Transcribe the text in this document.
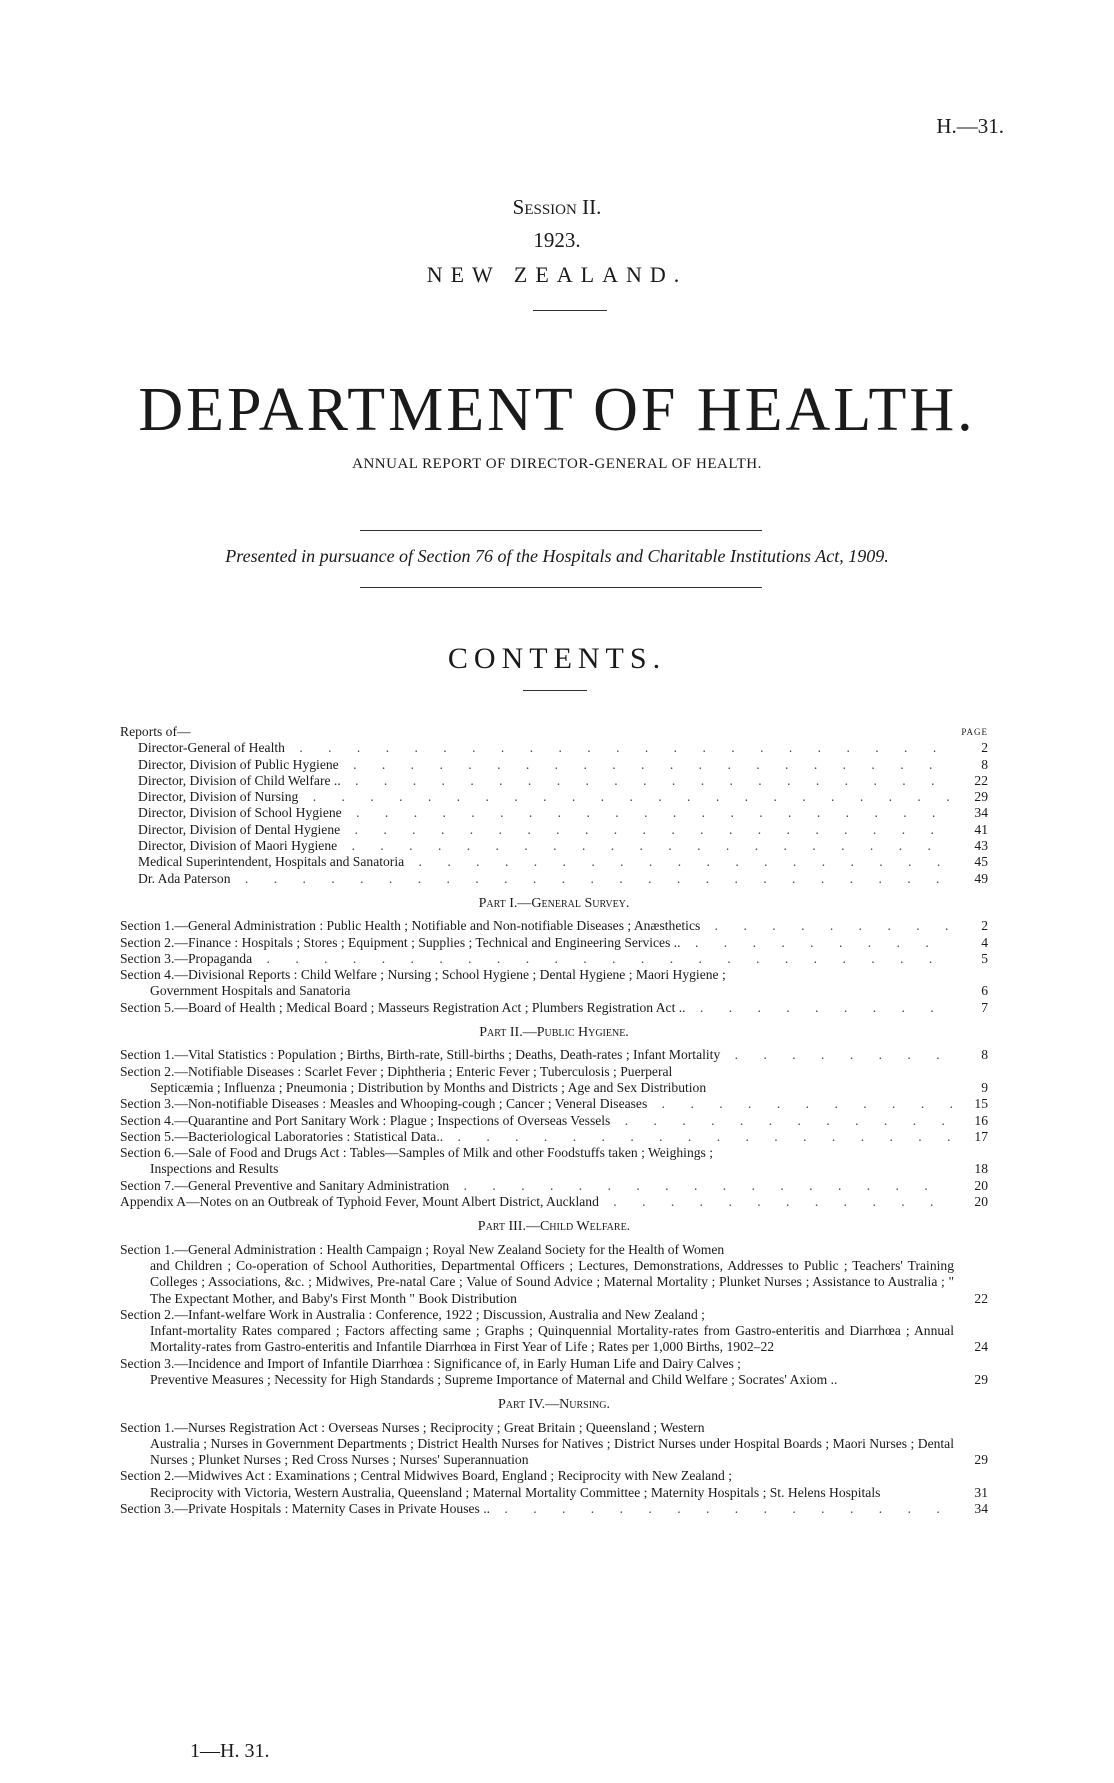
H.—31.
Session II.
1923.
NEW ZEALAND.
DEPARTMENT OF HEALTH.
ANNUAL REPORT OF DIRECTOR-GENERAL OF HEALTH.
Presented in pursuance of Section 76 of the Hospitals and Charitable Institutions Act, 1909.
CONTENTS.
Reports of—	PAGE
Director-General of Health . . .	2
Director, Division of Public Hygiene . . .	8
Director, Division of Child Welfare .. . . .	22
Director, Division of Nursing . . .	29
Director, Division of School Hygiene . . .	34
Director, Division of Dental Hygiene . . .	41
Director, Division of Maori Hygiene . . .	43
Medical Superintendent, Hospitals and Sanatoria . . .	45
Dr. Ada Paterson . . .	49
Part I.—General Survey.
Section 1.—General Administration : Public Health ; Notifiable and Non-notifiable Diseases ; Anæsthetics . . .	2
Section 2.—Finance : Hospitals ; Stores ; Equipment ; Supplies ; Technical and Engineering Services .. . . .	4
Section 3.—Propaganda . . .	5
Section 4.—Divisional Reports : Child Welfare ; Nursing ; School Hygiene ; Dental Hygiene ; Maori Hygiene ;
Government Hospitals and Sanatoria	6
Section 5.—Board of Health ; Medical Board ; Masseurs Registration Act ; Plumbers Registration Act .. . . .	7
Part II.—Public Hygiene.
Section 1.—Vital Statistics : Population ; Births, Birth-rate, Still-births ; Deaths, Death-rates ; Infant Mortality . . .	8
Section 2.—Notifiable Diseases : Scarlet Fever ; Diphtheria ; Enteric Fever ; Tuberculosis ; Puerperal
Septicæmia ; Influenza ; Pneumonia ; Distribution by Months and Districts ; Age and Sex Distribution	9
Section 3.—Non-notifiable Diseases : Measles and Whooping-cough ; Cancer ; Veneral Diseases . . .	15
Section 4.—Quarantine and Port Sanitary Work : Plague ; Inspections of Overseas Vessels . . .	16
Section 5.—Bacteriological Laboratories : Statistical Data.. . . .	17
Section 6.—Sale of Food and Drugs Act : Tables—Samples of Milk and other Foodstuffs taken ; Weighings ;
Inspections and Results	18
Section 7.—General Preventive and Sanitary Administration . . .	20
Appendix A—Notes on an Outbreak of Typhoid Fever, Mount Albert District, Auckland . . .	20
Part III.—Child Welfare.
Section 1.—General Administration : Health Campaign ; Royal New Zealand Society for the Health of Women
and Children ; Co-operation of School Authorities, Departmental Officers ; Lectures, Demonstrations, Addresses to Public ; Teachers' Training Colleges ; Associations, &c. ; Midwives, Pre-natal Care ; Value of Sound Advice ; Maternal Mortality ; Plunket Nurses ; Assistance to Australia ; " The Expectant Mother, and Baby's First Month " Book Distribution	22
Section 2.—Infant-welfare Work in Australia : Conference, 1922 ; Discussion, Australia and New Zealand ;
Infant-mortality Rates compared ; Factors affecting same ; Graphs ; Quinquennial Mortality-rates from Gastro-enteritis and Diarrhœa ; Annual Mortality-rates from Gastro-enteritis and Infantile Diarrhœa in First Year of Life ; Rates per 1,000 Births, 1902–22	24
Section 3.—Incidence and Import of Infantile Diarrhœa : Significance of, in Early Human Life and Dairy Calves ;
Preventive Measures ; Necessity for High Standards ; Supreme Importance of Maternal and Child Welfare ; Socrates' Axiom ..	29
Part IV.—Nursing.
Section 1.—Nurses Registration Act : Overseas Nurses ; Reciprocity ; Great Britain ; Queensland ; Western
Australia ; Nurses in Government Departments ; District Health Nurses for Natives ; District Nurses under Hospital Boards ; Maori Nurses ; Dental Nurses ; Plunket Nurses ; Red Cross Nurses ; Nurses' Superannuation	29
Section 2.—Midwives Act : Examinations ; Central Midwives Board, England ; Reciprocity with New Zealand ;
Reciprocity with Victoria, Western Australia, Queensland ; Maternal Mortality Committee ; Maternity Hospitals ; St. Helens Hospitals	31
Section 3.—Private Hospitals : Maternity Cases in Private Houses .. . . .	34
1—H. 31.
